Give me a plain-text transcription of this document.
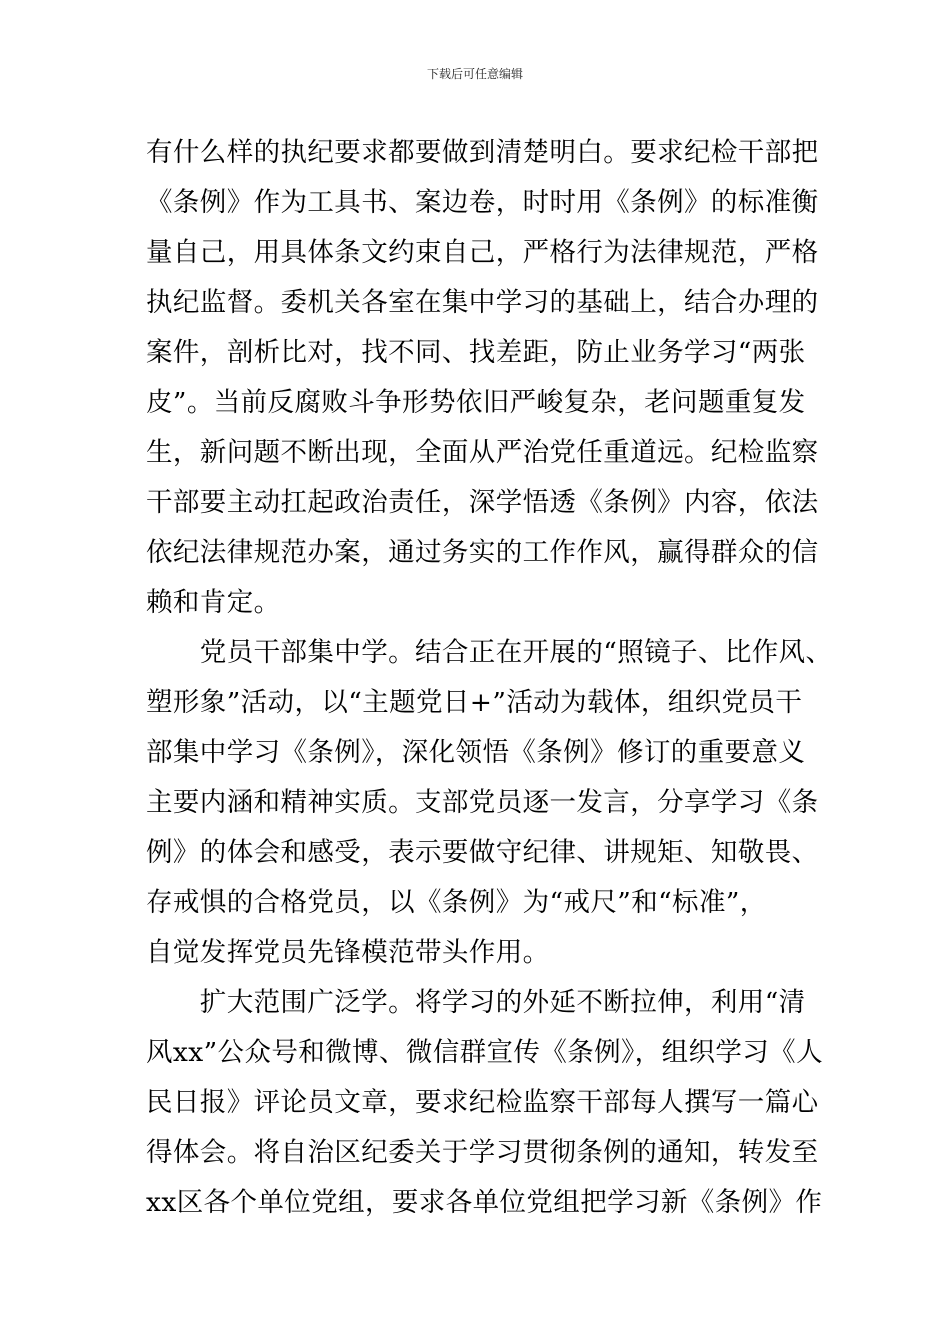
下载后可任意编辑
有什么样的执纪要求都要做到清楚明白。要求纪检干部把
《条例》作为工具书、案边卷，时时用《条例》的标准衡
量自己，用具体条文约束自己，严格行为法律规范，严格
执纪监督。委机关各室在集中学习的基础上，结合办理的
案件，剖析比对，找不同、找差距，防止业务学习“两张
皮”。当前反腐败斗争形势依旧严峻复杂，老问题重复发
生，新问题不断出现，全面从严治党任重道远。纪检监察
干部要主动扛起政治责任，深学悟透《条例》内容，依法
依纪法律规范办案，通过务实的工作作风，赢得群众的信
赖和肯定。
　　党员干部集中学。结合正在开展的“照镜子、比作风、
塑形象”活动，以“主题党日+”活动为载体，组织党员干
部集中学习《条例》，深化领悟《条例》修订的重要意义
主要内涵和精神实质。支部党员逐一发言，分享学习《条
例》的体会和感受，表示要做守纪律、讲规矩、知敬畏、
存戒惧的合格党员，以《条例》为“戒尺”和“标准”，
自觉发挥党员先锋模范带头作用。
　　扩大范围广泛学。将学习的外延不断拉伸，利用“清
风xx”公众号和微博、微信群宣传《条例》，组织学习《人
民日报》评论员文章，要求纪检监察干部每人撰写一篇心
得体会。将自治区纪委关于学习贯彻条例的通知，转发至
xx区各个单位党组，要求各单位党组把学习新《条例》作
